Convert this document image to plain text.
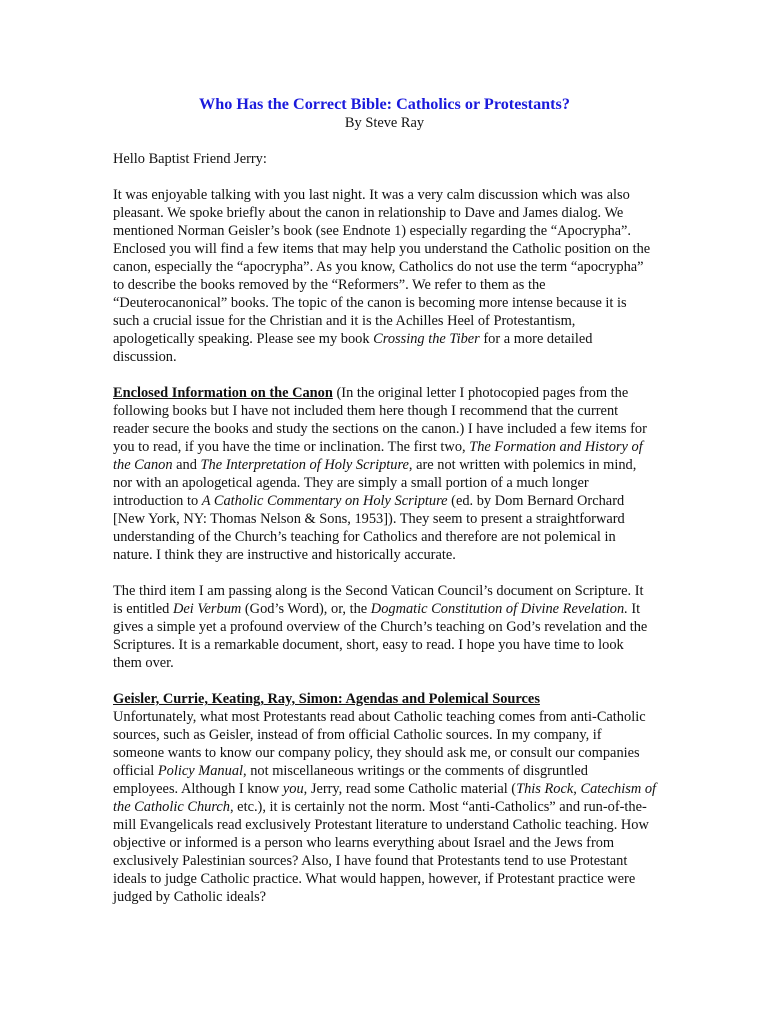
Who Has the Correct Bible: Catholics or Protestants?
By Steve Ray

Hello Baptist Friend Jerry:

It was enjoyable talking with you last night. It was a very calm discussion which was also pleasant. We spoke briefly about the canon in relationship to Dave and James dialog. We mentioned Norman Geisler’s book (see Endnote 1) especially regarding the “Apocrypha”. Enclosed you will find a few items that may help you understand the Catholic position on the canon, especially the “apocrypha”. As you know, Catholics do not use the term “apocrypha” to describe the books removed by the “Reformers”. We refer to them as the “Deuterocanonical” books. The topic of the canon is becoming more intense because it is such a crucial issue for the Christian and it is the Achilles Heel of Protestantism, apologetically speaking. Please see my book Crossing the Tiber for a more detailed discussion.

Enclosed Information on the Canon (In the original letter I photocopied pages from the following books but I have not included them here though I recommend that the current reader secure the books and study the sections on the canon.) I have included a few items for you to read, if you have the time or inclination. The first two, The Formation and History of the Canon and The Interpretation of Holy Scripture, are not written with polemics in mind, nor with an apologetical agenda. They are simply a small portion of a much longer introduction to A Catholic Commentary on Holy Scripture (ed. by Dom Bernard Orchard [New York, NY: Thomas Nelson & Sons, 1953]). They seem to present a straightforward understanding of the Church’s teaching for Catholics and therefore are not polemical in nature. I think they are instructive and historically accurate.

The third item I am passing along is the Second Vatican Council’s document on Scripture. It is entitled Dei Verbum (God’s Word), or, the Dogmatic Constitution of Divine Revelation. It gives a simple yet a profound overview of the Church’s teaching on God’s revelation and the Scriptures. It is a remarkable document, short, easy to read. I hope you have time to look them over.

Geisler, Currie, Keating, Ray, Simon: Agendas and Polemical Sources
Unfortunately, what most Protestants read about Catholic teaching comes from anti-Catholic sources, such as Geisler, instead of from official Catholic sources. In my company, if someone wants to know our company policy, they should ask me, or consult our companies official Policy Manual, not miscellaneous writings or the comments of disgruntled employees. Although I know you, Jerry, read some Catholic material (This Rock, Catechism of the Catholic Church, etc.), it is certainly not the norm. Most “anti-Catholics” and run-of-the-mill Evangelicals read exclusively Protestant literature to understand Catholic teaching. How objective or informed is a person who learns everything about Israel and the Jews from exclusively Palestinian sources? Also, I have found that Protestants tend to use Protestant ideals to judge Catholic practice. What would happen, however, if Protestant practice were judged by Catholic ideals?
